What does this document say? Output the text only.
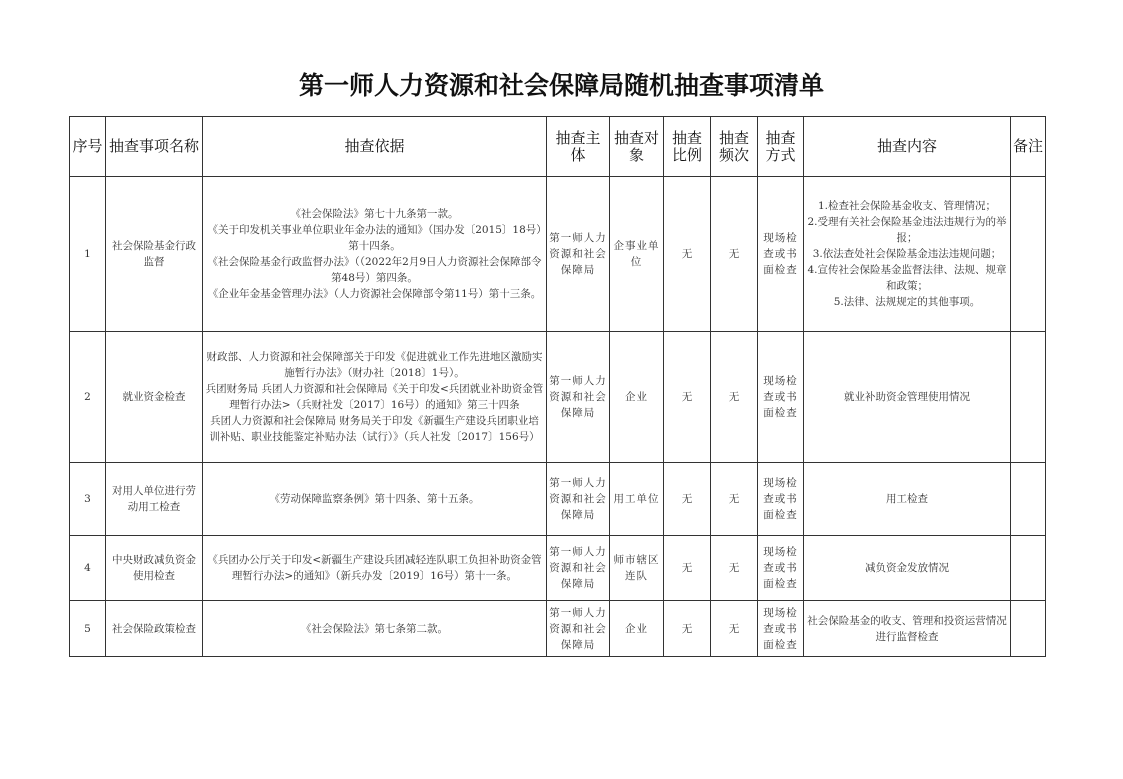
第一师人力资源和社会保障局随机抽查事项清单
序号	抽查事项名称	抽查依据	抽查主体	抽查对象	抽查比例	抽查频次	抽查方式	抽查内容	备注
1	社会保险基金行政监督	《社会保险法》第七十九条第一款。
《关于印发机关事业单位职业年金办法的通知》（国办发〔2015〕18号）第十四条。
《社会保险基金行政监督办法》（（2022年2月9日人力资源社会保障部令第48号）第四条。
《企业年金基金管理办法》（人力资源社会保障部令第11号）第十三条。	第一师人力资源和社会保障局	企事业单位	无	无	现场检查或书面检查	1.检查社会保险基金收支、管理情况；
2.受理有关社会保险基金违法违规行为的举报；
3.依法查处社会保险基金违法违规问题；
4.宣传社会保险基金监督法律、法规、规章和政策；
5.法律、法规规定的其他事项。	

2	就业资金检查	财政部、人力资源和社会保障部关于印发《促进就业工作先进地区激励实施暂行办法》（财办社〔2018〕1号）。
兵团财务局 兵团人力资源和社会保障局《关于印发<兵团就业补助资金管理暂行办法>（兵财社发〔2017〕16号）的通知》第三十四条
兵团人力资源和社会保障局 财务局关于印发《新疆生产建设兵团职业培训补贴、职业技能鉴定补贴办法（试行）》（兵人社发〔2017〕156号）	第一师人力资源和社会保障局	企业	无	无	现场检查或书面检查	就业补助资金管理使用情况	

3	对用人单位进行劳动用工检查	《劳动保障监察条例》第十四条、第十五条。	第一师人力资源和社会保障局	用工单位	无	无	现场检查或书面检查	用工检查	

4	中央财政减负资金使用检查	《兵团办公厅关于印发<新疆生产建设兵团减轻连队职工负担补助资金管理暂行办法>的通知》（新兵办发〔2019〕16号）第十一条。	第一师人力资源和社会保障局	师市辖区连队	无	无	现场检查或书面检查	减负资金发放情况	

5	社会保险政策检查	《社会保险法》第七条第二款。	第一师人力资源和社会保障局	企业	无	无	现场检查或书面检查	社会保险基金的收支、管理和投资运营情况进行监督检查	
